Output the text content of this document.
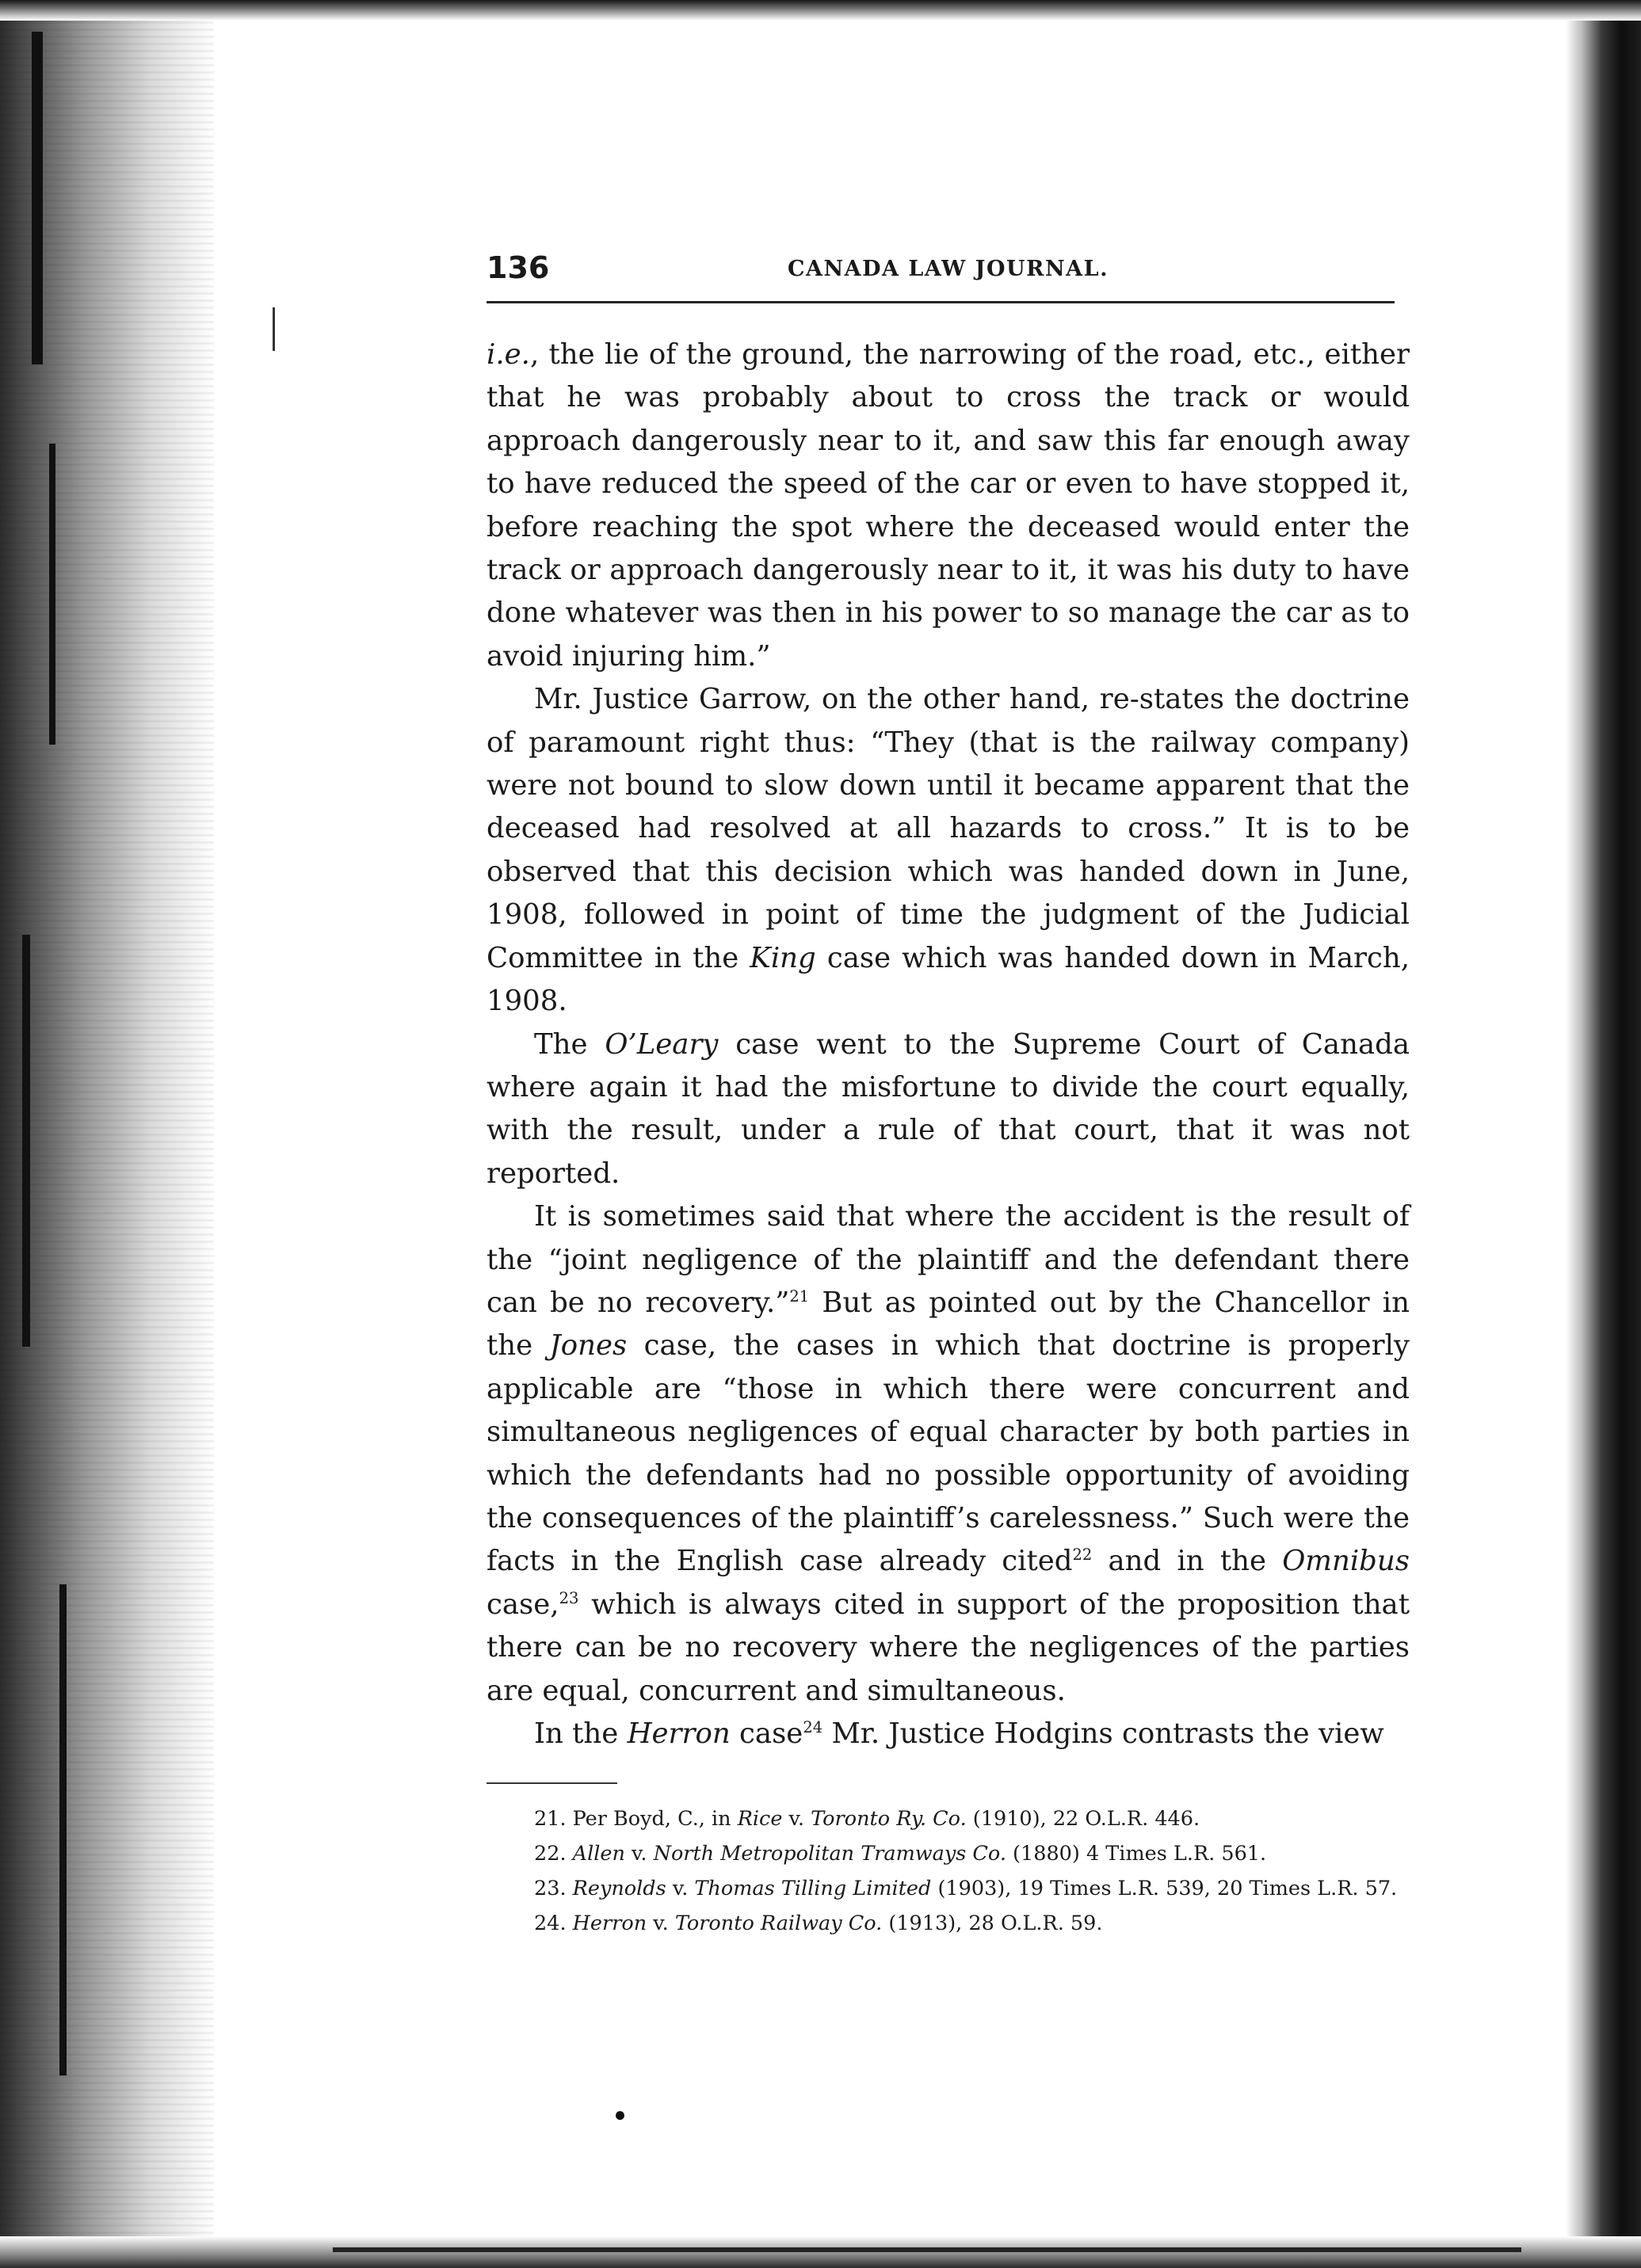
136	CANADA LAW JOURNAL.

i.e., the lie of the ground, the narrowing of the road, etc., either that he was probably about to cross the track or would approach dangerously near to it, and saw this far enough away to have reduced the speed of the car or even to have stopped it, before reaching the spot where the deceased would enter the track or approach dangerously near to it, it was his duty to have done whatever was then in his power to so manage the car as to avoid injuring him.”

Mr. Justice Garrow, on the other hand, re-states the doctrine of paramount right thus: “They (that is the railway company) were not bound to slow down until it became apparent that the deceased had resolved at all hazards to cross.” It is to be observed that this decision which was handed down in June, 1908, followed in point of time the judgment of the Judicial Committee in the King case which was handed down in March, 1908.

The O’Leary case went to the Supreme Court of Canada where again it had the misfortune to divide the court equally, with the result, under a rule of that court, that it was not reported.

It is sometimes said that where the accident is the result of the “joint negligence of the plaintiff and the defendant there can be no recovery.”$^{21}$ But as pointed out by the Chancellor in the Jones case, the cases in which that doctrine is properly applicable are “those in which there were concurrent and simultaneous negligences of equal character by both parties in which the defendants had no possible opportunity of avoiding the consequences of the plaintiff’s carelessness.” Such were the facts in the English case already cited$^{22}$ and in the Omnibus case,$^{23}$ which is always cited in support of the proposition that there can be no recovery where the negligences of the parties are equal, concurrent and simultaneous.

In the Herron case$^{24}$ Mr. Justice Hodgins contrasts the view

21. Per Boyd, C., in Rice v. Toronto Ry. Co. (1910), 22 O.L.R. 446.

22. Allen v. North Metropolitan Tramways Co. (1880) 4 Times L.R. 561.

23. Reynolds v. Thomas Tilling Limited (1903), 19 Times L.R. 539, 20 Times L.R. 57.

24. Herron v. Toronto Railway Co. (1913), 28 O.L.R. 59.
